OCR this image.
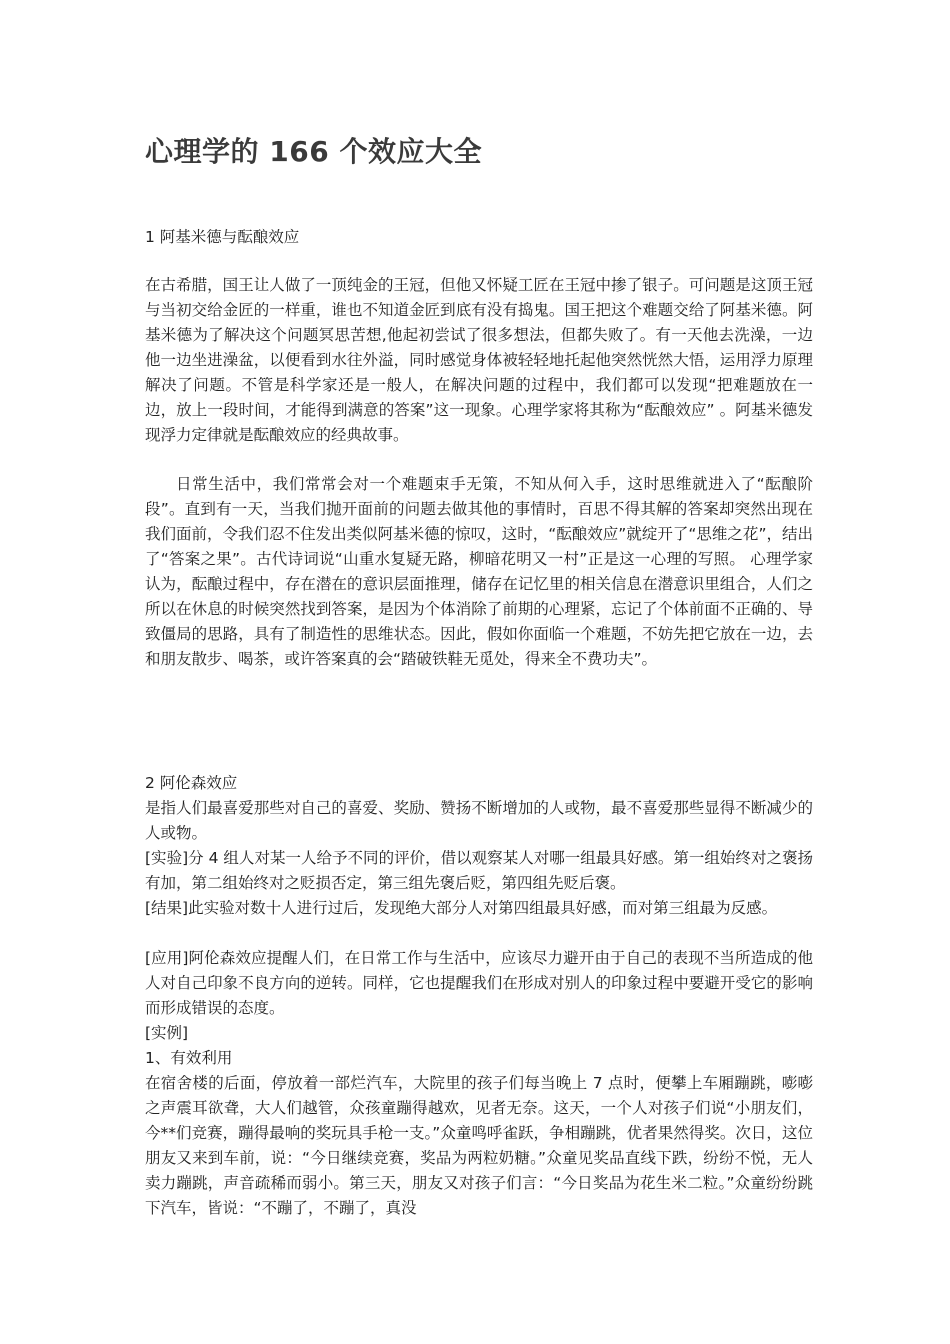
心理学的 166 个效应大全

1 阿基米德与酝酿效应

在古希腊，国王让人做了一顶纯金的王冠，但他又怀疑工匠在王冠中掺了银子。可问题是这顶王冠与当初交给金匠的一样重，谁也不知道金匠到底有没有捣鬼。国王把这个难题交给了阿基米德。阿基米德为了解决这个问题冥思苦想,他起初尝试了很多想法，但都失败了。有一天他去洗澡，一边他一边坐进澡盆，以便看到水往外溢，同时感觉身体被轻轻地托起他突然恍然大悟，运用浮力原理解决了问题。不管是科学家还是一般人，在解决问题的过程中，我们都可以发现“把难题放在一边，放上一段时间，才能得到满意的答案”这一现象。心理学家将其称为“酝酿效应” 。阿基米德发现浮力定律就是酝酿效应的经典故事。

日常生活中，我们常常会对一个难题束手无策，不知从何入手，这时思维就进入了“酝酿阶段”。直到有一天，当我们抛开面前的问题去做其他的事情时，百思不得其解的答案却突然出现在我们面前，令我们忍不住发出类似阿基米德的惊叹，这时，“酝酿效应”就绽开了“思维之花”，结出了“答案之果”。古代诗词说“山重水复疑无路，柳暗花明又一村”正是这一心理的写照。 心理学家认为，酝酿过程中，存在潜在的意识层面推理，储存在记忆里的相关信息在潜意识里组合，人们之所以在休息的时候突然找到答案，是因为个体消除了前期的心理紧，忘记了个体前面不正确的、导致僵局的思路，具有了制造性的思维状态。因此，假如你面临一个难题，不妨先把它放在一边，去和朋友散步、喝茶，或许答案真的会“踏破铁鞋无觅处，得来全不费功夫”。

2 阿伦森效应

是指人们最喜爱那些对自己的喜爱、奖励、赞扬不断增加的人或物，最不喜爱那些显得不断减少的人或物。

[实验]分 4 组人对某一人给予不同的评价，借以观察某人对哪一组最具好感。第一组始终对之褒扬有加，第二组始终对之贬损否定，第三组先褒后贬，第四组先贬后褒。

[结果]此实验对数十人进行过后，发现绝大部分人对第四组最具好感，而对第三组最为反感。

[应用]阿伦森效应提醒人们，在日常工作与生活中，应该尽力避开由于自己的表现不当所造成的他人对自己印象不良方向的逆转。同样，它也提醒我们在形成对别人的印象过程中要避开受它的影响而形成错误的态度。

[实例]

1、有效利用

在宿舍楼的后面，停放着一部烂汽车，大院里的孩子们每当晚上 7 点时，便攀上车厢蹦跳，嘭嘭之声震耳欲聋，大人们越管，众孩童蹦得越欢，见者无奈。这天，一个人对孩子们说“小朋友们，今**们竞赛，蹦得最响的奖玩具手枪一支。”众童鸣呼雀跃，争相蹦跳，优者果然得奖。次日，这位朋友又来到车前，说：“今日继续竞赛，奖品为两粒奶糖。”众童见奖品直线下跌，纷纷不悦，无人卖力蹦跳，声音疏稀而弱小。第三天，朋友又对孩子们言：“今日奖品为花生米二粒。”众童纷纷跳下汽车，皆说：“不蹦了，不蹦了，真没
